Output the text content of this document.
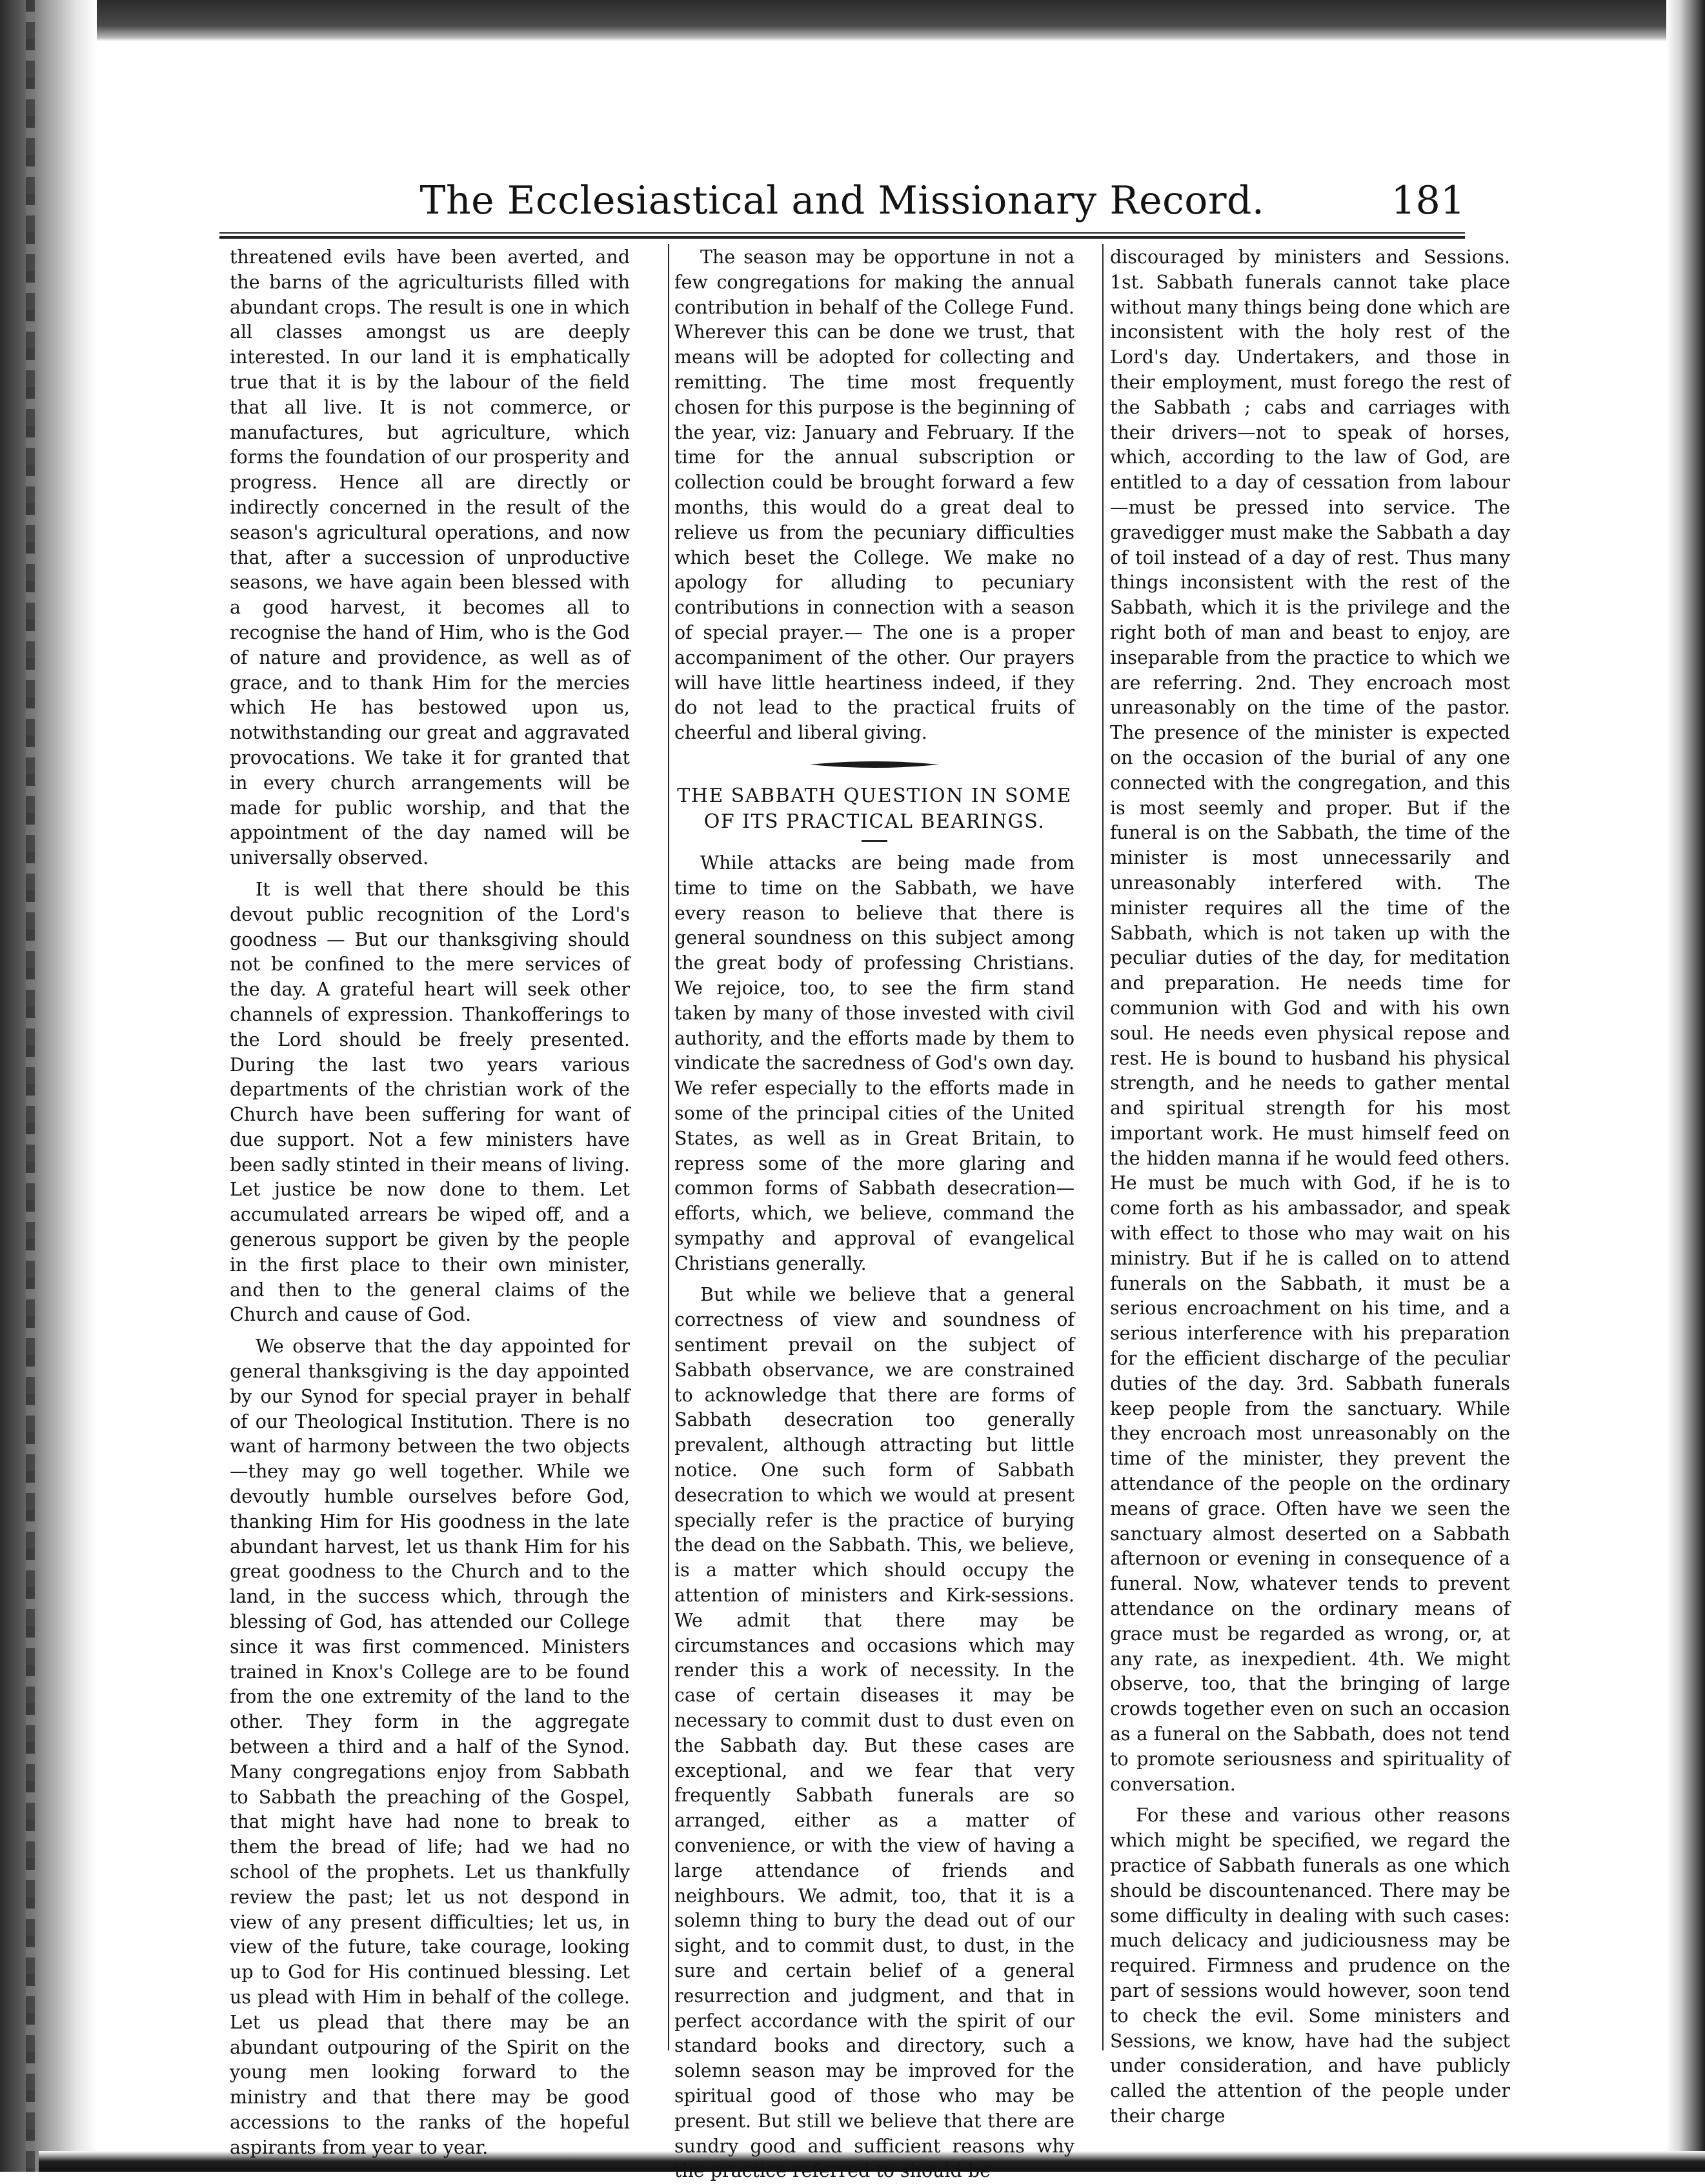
The Ecclesiastical and Missionary Record.	181

threatened evils have been averted, and the barns of the agriculturists filled with abundant crops. The result is one in which all classes amongst us are deeply interested. In our land it is emphatically true that it is by the labour of the field that all live. It is not commerce, or manufactures, but agriculture, which forms the foundation of our prosperity and progress. Hence all are directly or indirectly concerned in the result of the season's agricultural operations, and now that, after a succession of unproductive seasons, we have again been blessed with a good harvest, it becomes all to recognise the hand of Him, who is the God of nature and providence, as well as of grace, and to thank Him for the mercies which He has bestowed upon us, notwithstanding our great and aggravated provocations. We take it for granted that in every church arrangements will be made for public worship, and that the appointment of the day named will be universally observed.

It is well that there should be this devout public recognition of the Lord's goodness — But our thanksgiving should not be confined to the mere services of the day. A grateful heart will seek other channels of expression. Thankofferings to the Lord should be freely presented. During the last two years various departments of the christian work of the Church have been suffering for want of due support. Not a few ministers have been sadly stinted in their means of living. Let justice be now done to them. Let accumulated arrears be wiped off, and a generous support be given by the people in the first place to their own minister, and then to the general claims of the Church and cause of God.

We observe that the day appointed for general thanksgiving is the day appointed by our Synod for special prayer in behalf of our Theological Institution. There is no want of harmony between the two objects—they may go well together. While we devoutly humble ourselves before God, thanking Him for His goodness in the late abundant harvest, let us thank Him for his great goodness to the Church and to the land, in the success which, through the blessing of God, has attended our College since it was first commenced. Ministers trained in Knox's College are to be found from the one extremity of the land to the other. They form in the aggregate between a third and a half of the Synod. Many congregations enjoy from Sabbath to Sabbath the preaching of the Gospel, that might have had none to break to them the bread of life; had we had no school of the prophets. Let us thankfully review the past; let us not despond in view of any present difficulties; let us, in view of the future, take courage, looking up to God for His continued blessing. Let us plead with Him in behalf of the college. Let us plead that there may be an abundant outpouring of the Spirit on the young men looking forward to the ministry and that there may be good accessions to the ranks of the hopeful aspirants from year to year.

The season may be opportune in not a few congregations for making the annual contribution in behalf of the College Fund. Wherever this can be done we trust, that means will be adopted for collecting and remitting. The time most frequently chosen for this purpose is the beginning of the year, viz: January and February. If the time for the annual subscription or collection could be brought forward a few months, this would do a great deal to relieve us from the pecuniary difficulties which beset the College. We make no apology for alluding to pecuniary contributions in connection with a season of special prayer.— The one is a proper accompaniment of the other. Our prayers will have little heartiness indeed, if they do not lead to the practical fruits of cheerful and liberal giving.

THE SABBATH QUESTION IN SOME OF ITS PRACTICAL BEARINGS.

While attacks are being made from time to time on the Sabbath, we have every reason to believe that there is general soundness on this subject among the great body of professing Christians. We rejoice, too, to see the firm stand taken by many of those invested with civil authority, and the efforts made by them to vindicate the sacredness of God's own day. We refer especially to the efforts made in some of the principal cities of the United States, as well as in Great Britain, to repress some of the more glaring and common forms of Sabbath desecration—efforts, which, we believe, command the sympathy and approval of evangelical Christians generally.

But while we believe that a general correctness of view and soundness of sentiment prevail on the subject of Sabbath observance, we are constrained to acknowledge that there are forms of Sabbath desecration too generally prevalent, although attracting but little notice. One such form of Sabbath desecration to which we would at present specially refer is the practice of burying the dead on the Sabbath. This, we believe, is a matter which should occupy the attention of ministers and Kirk-sessions. We admit that there may be circumstances and occasions which may render this a work of necessity. In the case of certain diseases it may be necessary to commit dust to dust even on the Sabbath day. But these cases are exceptional, and we fear that very frequently Sabbath funerals are so arranged, either as a matter of convenience, or with the view of having a large attendance of friends and neighbours. We admit, too, that it is a solemn thing to bury the dead out of our sight, and to commit dust, to dust, in the sure and certain belief of a general resurrection and judgment, and that in perfect accordance with the spirit of our standard books and directory, such a solemn season may be improved for the spiritual good of those who may be present. But still we believe that there are sundry good and sufficient reasons why the practice referred to should be

discouraged by ministers and Sessions. 1st. Sabbath funerals cannot take place without many things being done which are inconsistent with the holy rest of the Lord's day. Undertakers, and those in their employment, must forego the rest of the Sabbath ; cabs and carriages with their drivers—not to speak of horses, which, according to the law of God, are entitled to a day of cessation from labour —must be pressed into service. The gravedigger must make the Sabbath a day of toil instead of a day of rest. Thus many things inconsistent with the rest of the Sabbath, which it is the privilege and the right both of man and beast to enjoy, are inseparable from the practice to which we are referring. 2nd. They encroach most unreasonably on the time of the pastor. The presence of the minister is expected on the occasion of the burial of any one connected with the congregation, and this is most seemly and proper. But if the funeral is on the Sabbath, the time of the minister is most unnecessarily and unreasonably interfered with. The minister requires all the time of the Sabbath, which is not taken up with the peculiar duties of the day, for meditation and preparation. He needs time for communion with God and with his own soul. He needs even physical repose and rest. He is bound to husband his physical strength, and he needs to gather mental and spiritual strength for his most important work. He must himself feed on the hidden manna if he would feed others. He must be much with God, if he is to come forth as his ambassador, and speak with effect to those who may wait on his ministry. But if he is called on to attend funerals on the Sabbath, it must be a serious encroachment on his time, and a serious interference with his preparation for the efficient discharge of the peculiar duties of the day. 3rd. Sabbath funerals keep people from the sanctuary. While they encroach most unreasonably on the time of the minister, they prevent the attendance of the people on the ordinary means of grace. Often have we seen the sanctuary almost deserted on a Sabbath afternoon or evening in consequence of a funeral. Now, whatever tends to prevent attendance on the ordinary means of grace must be regarded as wrong, or, at any rate, as inexpedient. 4th. We might observe, too, that the bringing of large crowds together even on such an occasion as a funeral on the Sabbath, does not tend to promote seriousness and spirituality of conversation.

For these and various other reasons which might be specified, we regard the practice of Sabbath funerals as one which should be discountenanced. There may be some difficulty in dealing with such cases: much delicacy and judiciousness may be required. Firmness and prudence on the part of sessions would however, soon tend to check the evil. Some ministers and Sessions, we know, have had the subject under consideration, and have publicly called the attention of the people under their charge
